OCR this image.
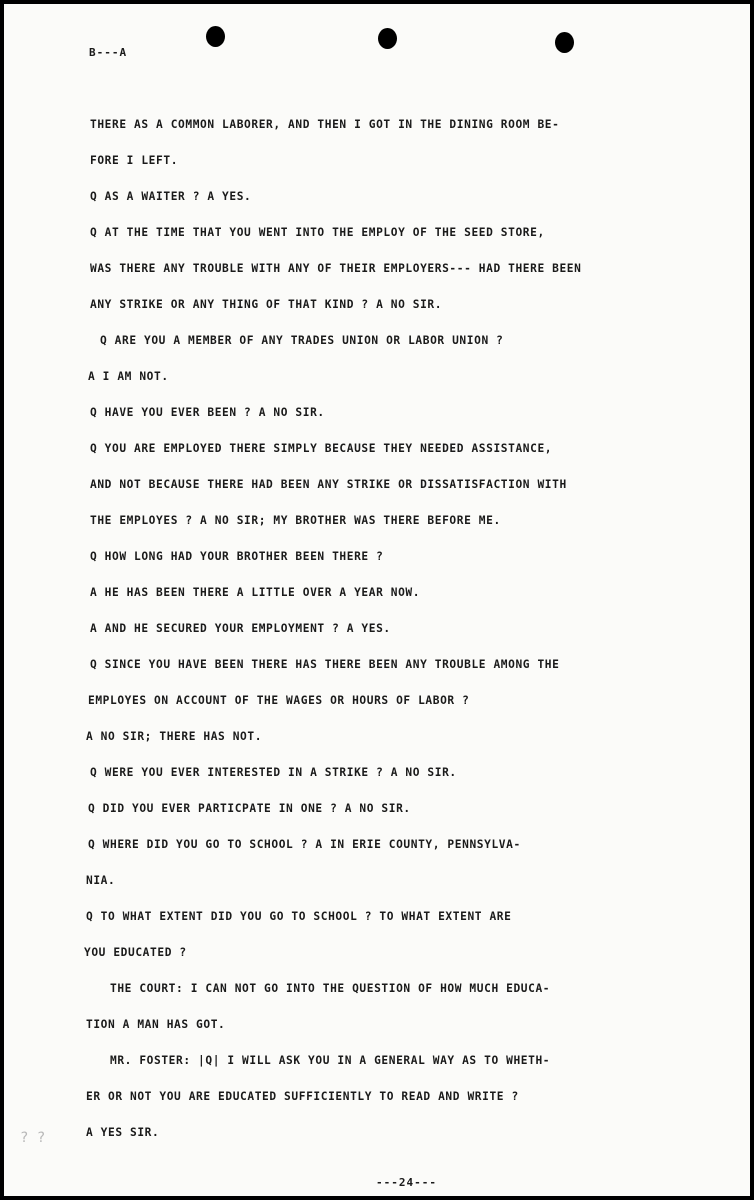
B---A
THERE AS A COMMON LABORER, AND THEN I GOT IN THE DINING ROOM BE-
FORE I LEFT.
Q AS A WAITER ? A YES.
Q AT THE TIME THAT YOU WENT INTO THE EMPLOY OF THE SEED STORE,
WAS THERE ANY TROUBLE WITH ANY OF THEIR EMPLOYERS--- HAD THERE BEEN
ANY STRIKE OR ANY THING OF THAT KIND ? A NO SIR.
Q ARE YOU A MEMBER OF ANY TRADES UNION OR LABOR UNION ?
A I AM NOT.
Q HAVE YOU EVER BEEN ? A NO SIR.
Q YOU ARE EMPLOYED THERE SIMPLY BECAUSE THEY NEEDED ASSISTANCE,
AND NOT BECAUSE THERE HAD BEEN ANY STRIKE OR DISSATISFACTION WITH
THE EMPLOYES ? A NO SIR; MY BROTHER WAS THERE BEFORE ME.
Q HOW LONG HAD YOUR BROTHER BEEN THERE ?
A HE HAS BEEN THERE A LITTLE OVER A YEAR NOW.
A AND HE SECURED YOUR EMPLOYMENT ? A YES.
Q SINCE YOU HAVE BEEN THERE HAS THERE BEEN ANY TROUBLE AMONG THE
EMPLOYES ON ACCOUNT OF THE WAGES OR HOURS OF LABOR ?
A NO SIR; THERE HAS NOT.
Q WERE YOU EVER INTERESTED IN A STRIKE ? A NO SIR.
Q DID YOU EVER PARTICPATE IN ONE ? A NO SIR.
Q WHERE DID YOU GO TO SCHOOL ? A IN ERIE COUNTY, PENNSYLVA-
NIA.
Q TO WHAT EXTENT DID YOU GO TO SCHOOL ? TO WHAT EXTENT ARE
YOU EDUCATED ?
THE COURT: I CAN NOT GO INTO THE QUESTION OF HOW MUCH EDUCA-
TION A MAN HAS GOT.
MR. FOSTER: |Q| I WILL ASK YOU IN A GENERAL WAY AS TO WHETH-
ER OR NOT YOU ARE EDUCATED SUFFICIENTLY TO READ AND WRITE ?
A YES SIR.
? ?
---24---
